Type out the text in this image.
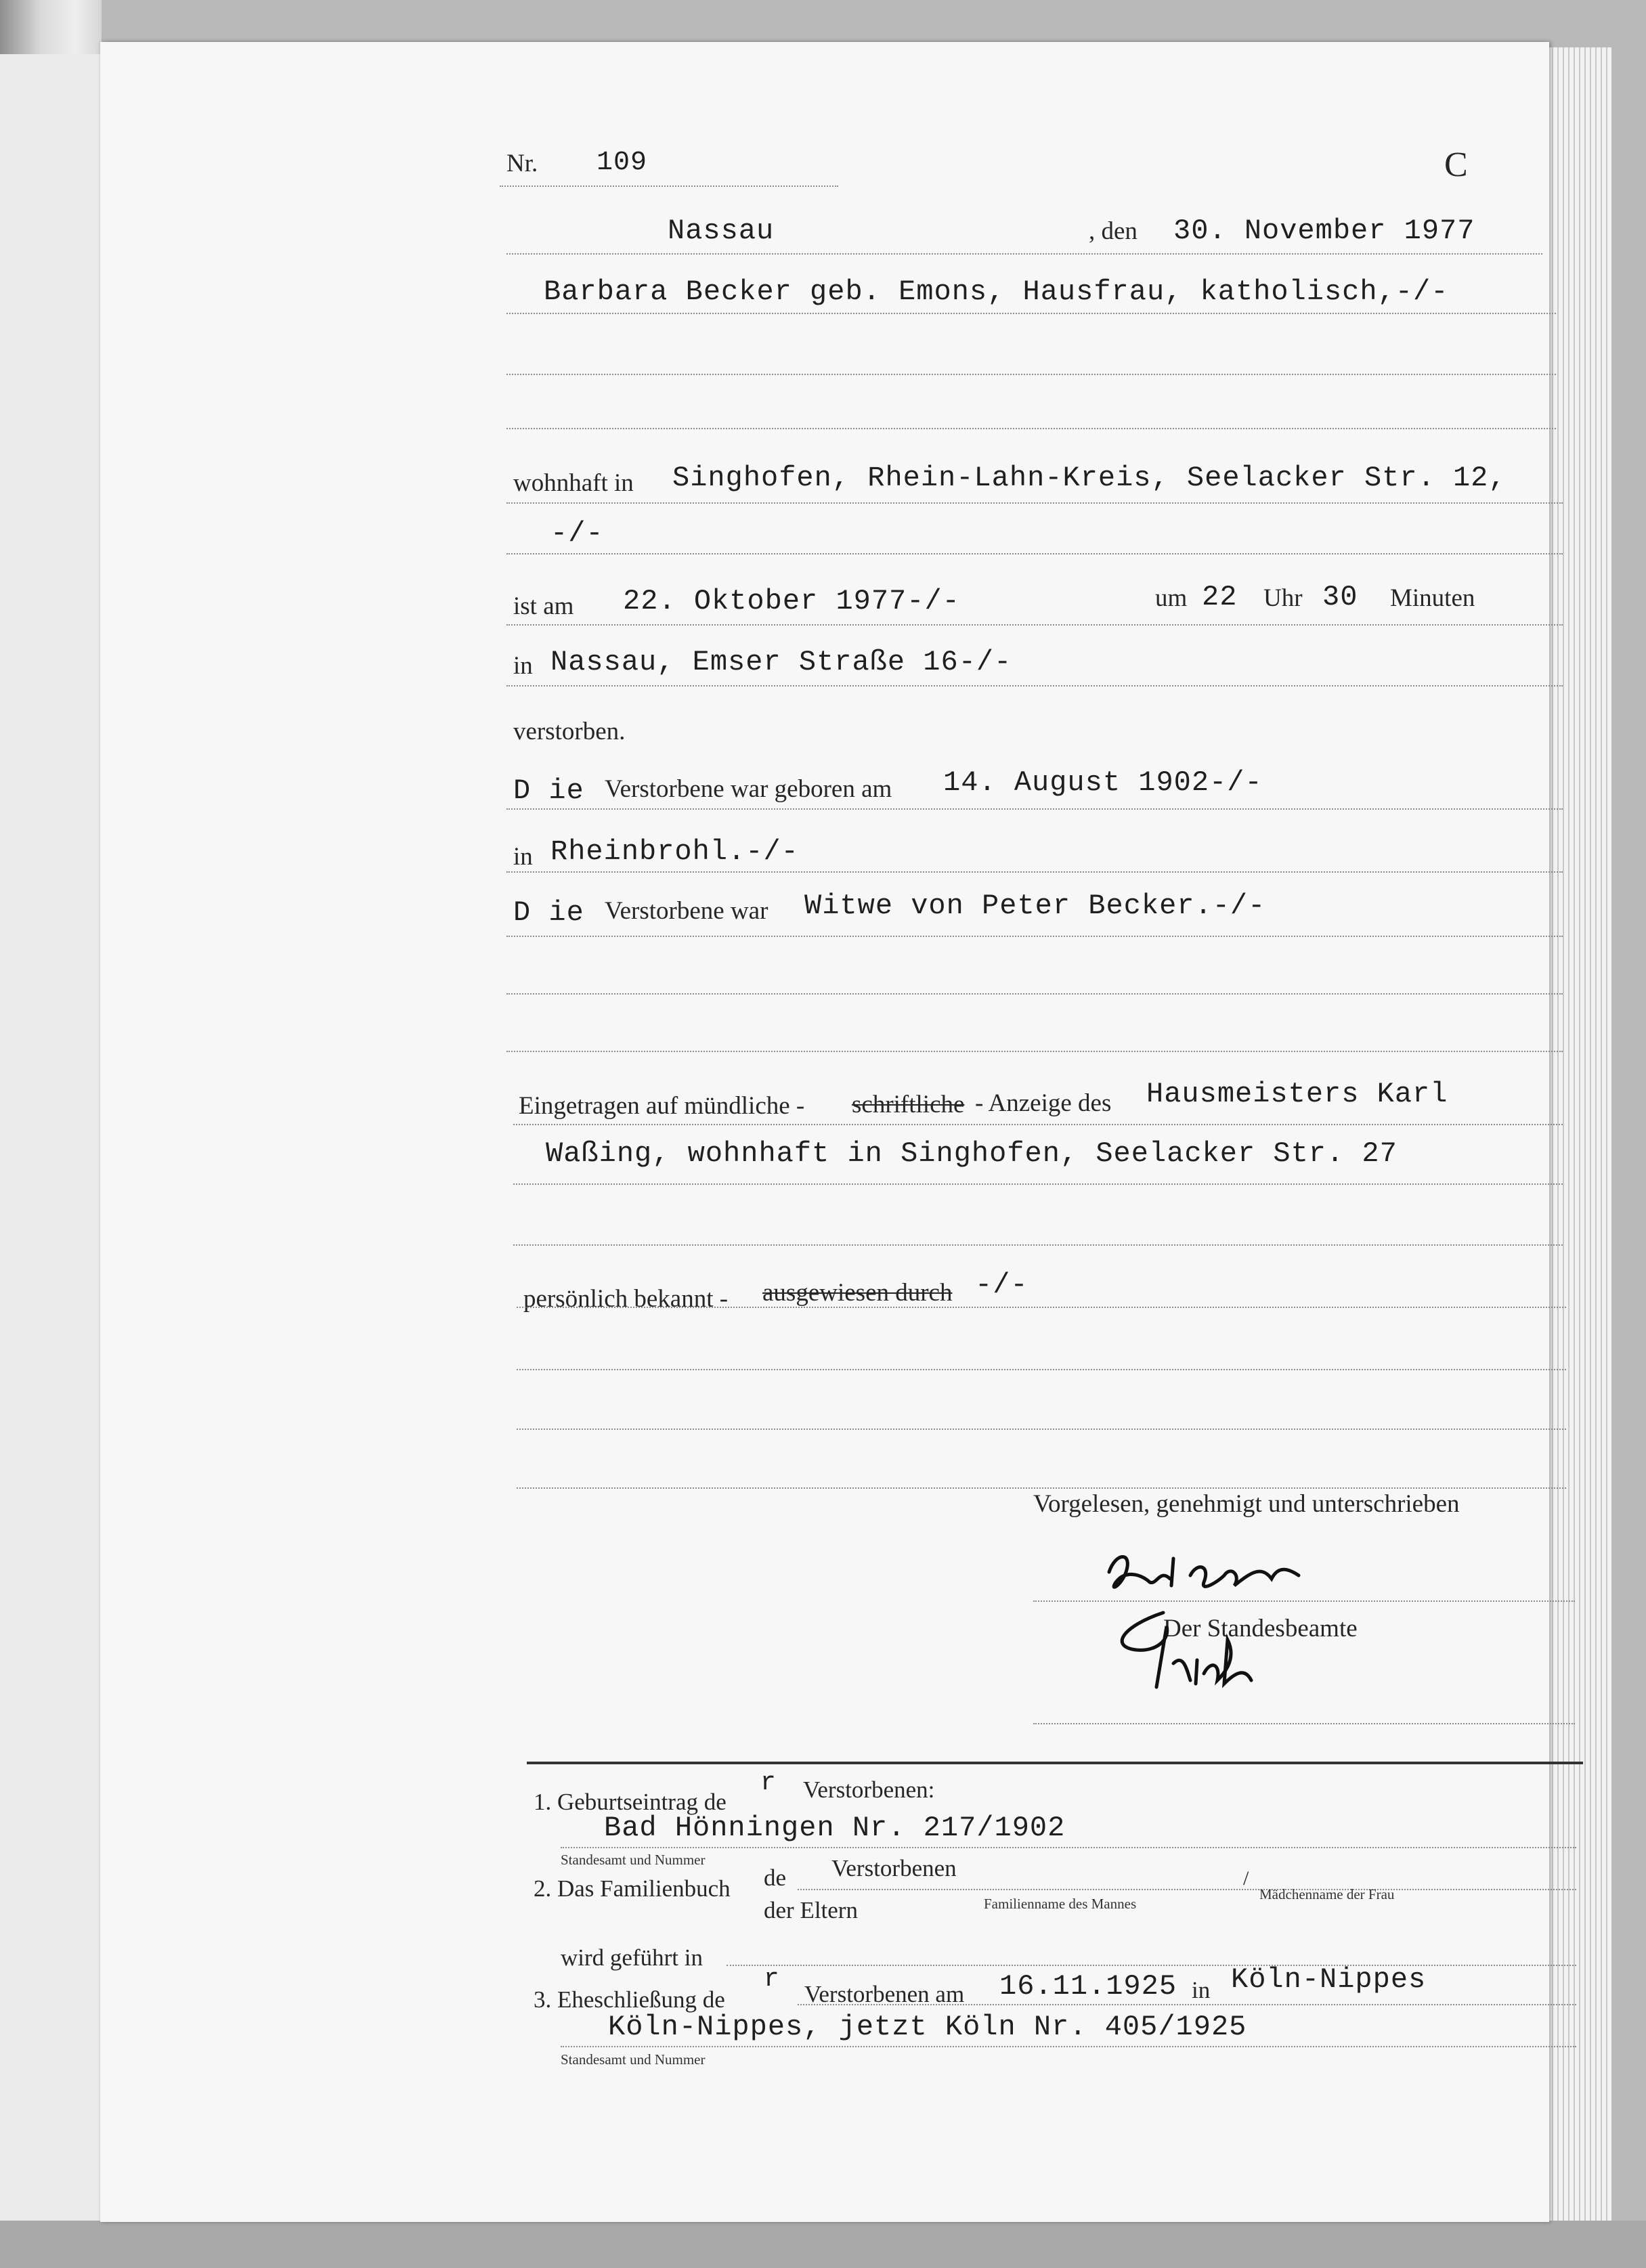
Nr. 109	C
Nassau	, den 30. November 1977
Barbara Becker geb. Emons, Hausfrau, katholisch,-/-
wohnhaft in Singhofen, Rhein-Lahn-Kreis, Seelacker Str. 12,
-/-
ist am 22. Oktober 1977-/-	um 22 Uhr 30 Minuten
in Nassau, Emser Straße 16-/-
verstorben.
D ie Verstorbene war geboren am 14. August 1902-/-
in Rheinbrohl.-/-
D ie Verstorbene war Witwe von Peter Becker.-/-
Eingetragen auf mündliche - schriftliche - Anzeige des Hausmeisters Karl
Waßing, wohnhaft in Singhofen, Seelacker Str. 27
persönlich bekannt - ausgewiesen durch -/-
Vorgelesen, genehmigt und unterschrieben
Der Standesbeamte
1. Geburtseintrag de
r Verstorbenen:
Bad Hönningen Nr. 217/1902
Standesamt und Nummer
2. Das Familienbuch de Verstorbenen
der Eltern	Familienname des Mannes
/
Mädchenname der Frau
wird geführt in
3. Eheschließung de
r
Verstorbenen am 16.11.1925 in Köln-Nippes
Köln-Nippes, jetzt Köln Nr. 405/1925
Standesamt und Nummer
